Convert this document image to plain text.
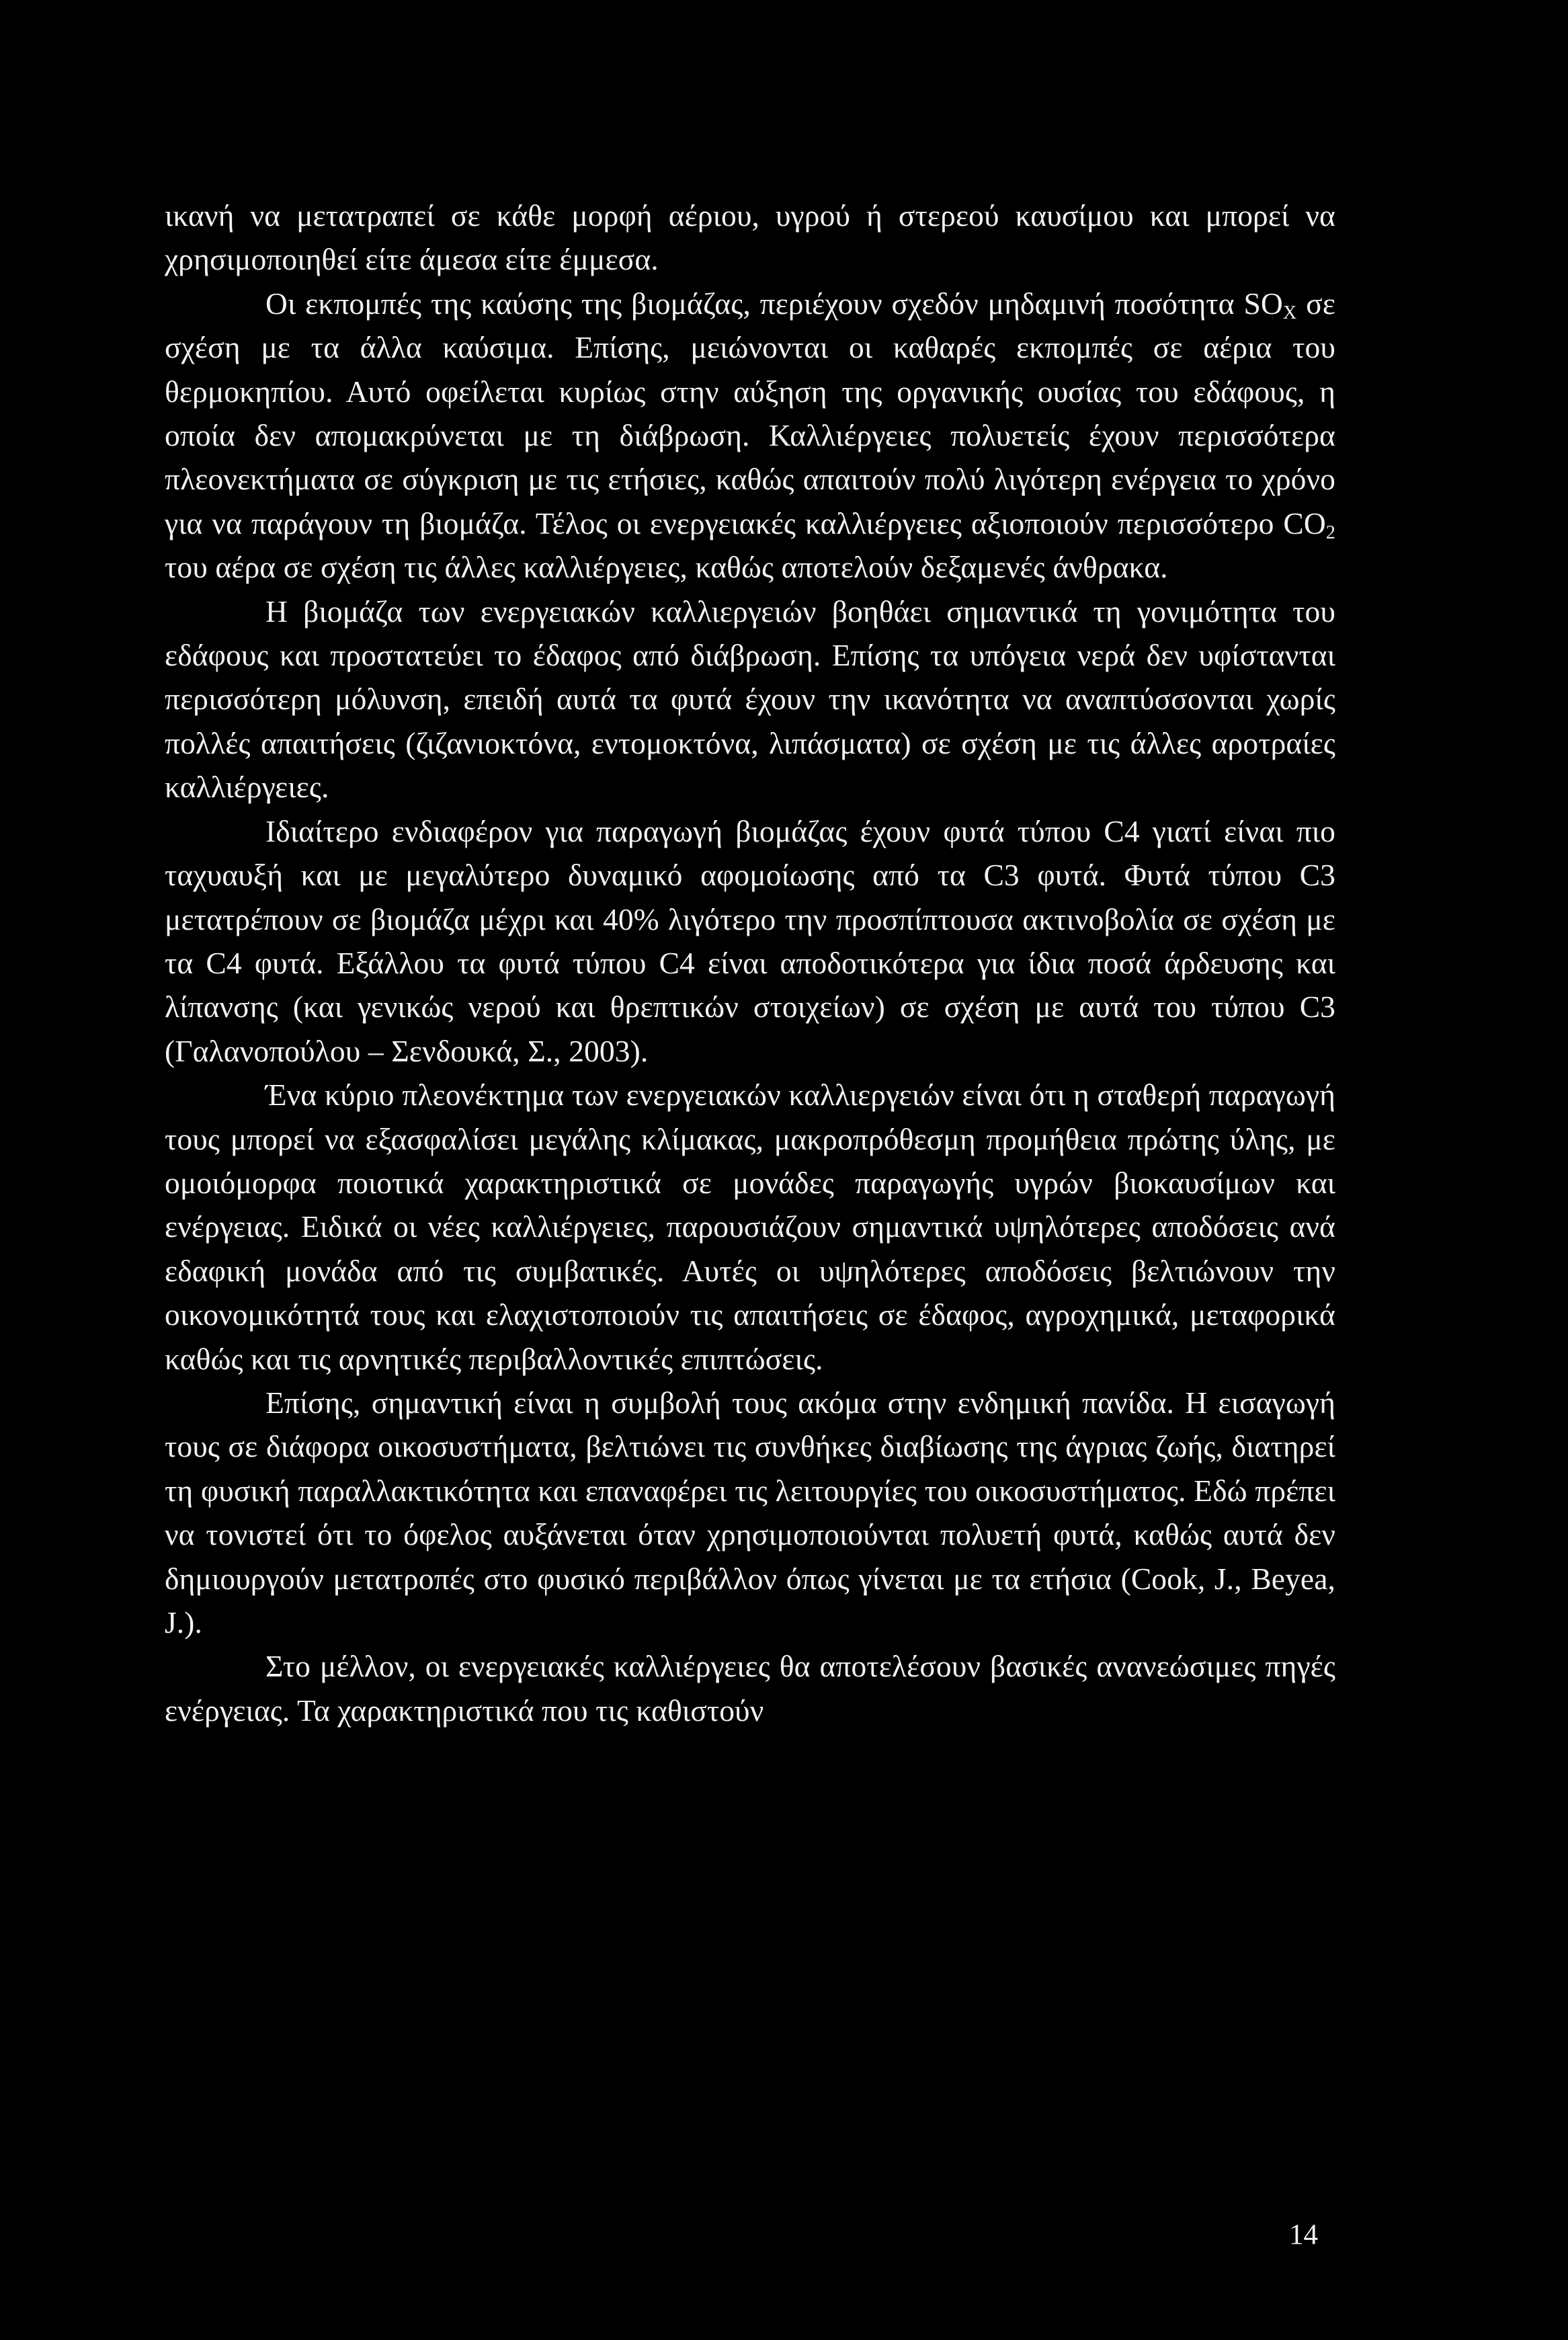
ικανή να μετατραπεί σε κάθε μορφή αέριου, υγρού ή στερεού καυσίμου και μπορεί να χρησιμοποιηθεί είτε άμεσα είτε έμμεσα.

Οι εκπομπές της καύσης της βιομάζας, περιέχουν σχεδόν μηδαμινή ποσότητα $SO_X$ σε σχέση με τα άλλα καύσιμα. Επίσης, μειώνονται οι καθαρές εκπομπές σε αέρια του θερμοκηπίου. Αυτό οφείλεται κυρίως στην αύξηση της οργανικής ουσίας του εδάφους, η οποία δεν απομακρύνεται με τη διάβρωση. Καλλιέργειες πολυετείς έχουν περισσότερα πλεονεκτήματα σε σύγκριση με τις ετήσιες, καθώς απαιτούν πολύ λιγότερη ενέργεια το χρόνο για να παράγουν τη βιομάζα. Τέλος οι ενεργειακές καλλιέργειες αξιοποιούν περισσότερο $CO_2$ του αέρα σε σχέση τις άλλες καλλιέργειες, καθώς αποτελούν δεξαμενές άνθρακα.

Η βιομάζα των ενεργειακών καλλιεργειών βοηθάει σημαντικά τη γονιμότητα του εδάφους και προστατεύει το έδαφος από διάβρωση. Επίσης τα υπόγεια νερά δεν υφίστανται περισσότερη μόλυνση, επειδή αυτά τα φυτά έχουν την ικανότητα να αναπτύσσονται χωρίς πολλές απαιτήσεις (ζιζανιοκτόνα, εντομοκτόνα, λιπάσματα) σε σχέση με τις άλλες αροτραίες καλλιέργειες.

Ιδιαίτερο ενδιαφέρον για παραγωγή βιομάζας έχουν φυτά τύπου C4 γιατί είναι πιο ταχυαυξή και με μεγαλύτερο δυναμικό αφομοίωσης από τα C3 φυτά. Φυτά τύπου C3 μετατρέπουν σε βιομάζα μέχρι και 40% λιγότερο την προσπίπτουσα ακτινοβολία σε σχέση με τα C4 φυτά. Εξάλλου τα φυτά τύπου C4 είναι αποδοτικότερα για ίδια ποσά άρδευσης και λίπανσης (και γενικώς νερού και θρεπτικών στοιχείων) σε σχέση με αυτά του τύπου C3 (Γαλανοπούλου – Σενδουκά, Σ., 2003).

Ένα κύριο πλεονέκτημα των ενεργειακών καλλιεργειών είναι ότι η σταθερή παραγωγή τους μπορεί να εξασφαλίσει μεγάλης κλίμακας, μακροπρόθεσμη προμήθεια πρώτης ύλης, με ομοιόμορφα ποιοτικά χαρακτηριστικά σε μονάδες παραγωγής υγρών βιοκαυσίμων και ενέργειας. Ειδικά οι νέες καλλιέργειες, παρουσιάζουν σημαντικά υψηλότερες αποδόσεις ανά εδαφική μονάδα από τις συμβατικές. Αυτές οι υψηλότερες αποδόσεις βελτιώνουν την οικονομικότητά τους και ελαχιστοποιούν τις απαιτήσεις σε έδαφος, αγροχημικά, μεταφορικά καθώς και τις αρνητικές περιβαλλοντικές επιπτώσεις.

Επίσης, σημαντική είναι η συμβολή τους ακόμα στην ενδημική πανίδα. Η εισαγωγή τους σε διάφορα οικοσυστήματα, βελτιώνει τις συνθήκες διαβίωσης της άγριας ζωής, διατηρεί τη φυσική παραλλακτικότητα και επαναφέρει τις λειτουργίες του οικοσυστήματος. Εδώ πρέπει να τονιστεί ότι το όφελος αυξάνεται όταν χρησιμοποιούνται πολυετή φυτά, καθώς αυτά δεν δημιουργούν μετατροπές στο φυσικό περιβάλλον όπως γίνεται με τα ετήσια (Cook, J., Beyea, J.).

Στο μέλλον, οι ενεργειακές καλλιέργειες θα αποτελέσουν βασικές ανανεώσιμες πηγές ενέργειας. Τα χαρακτηριστικά που τις καθιστούν

14
